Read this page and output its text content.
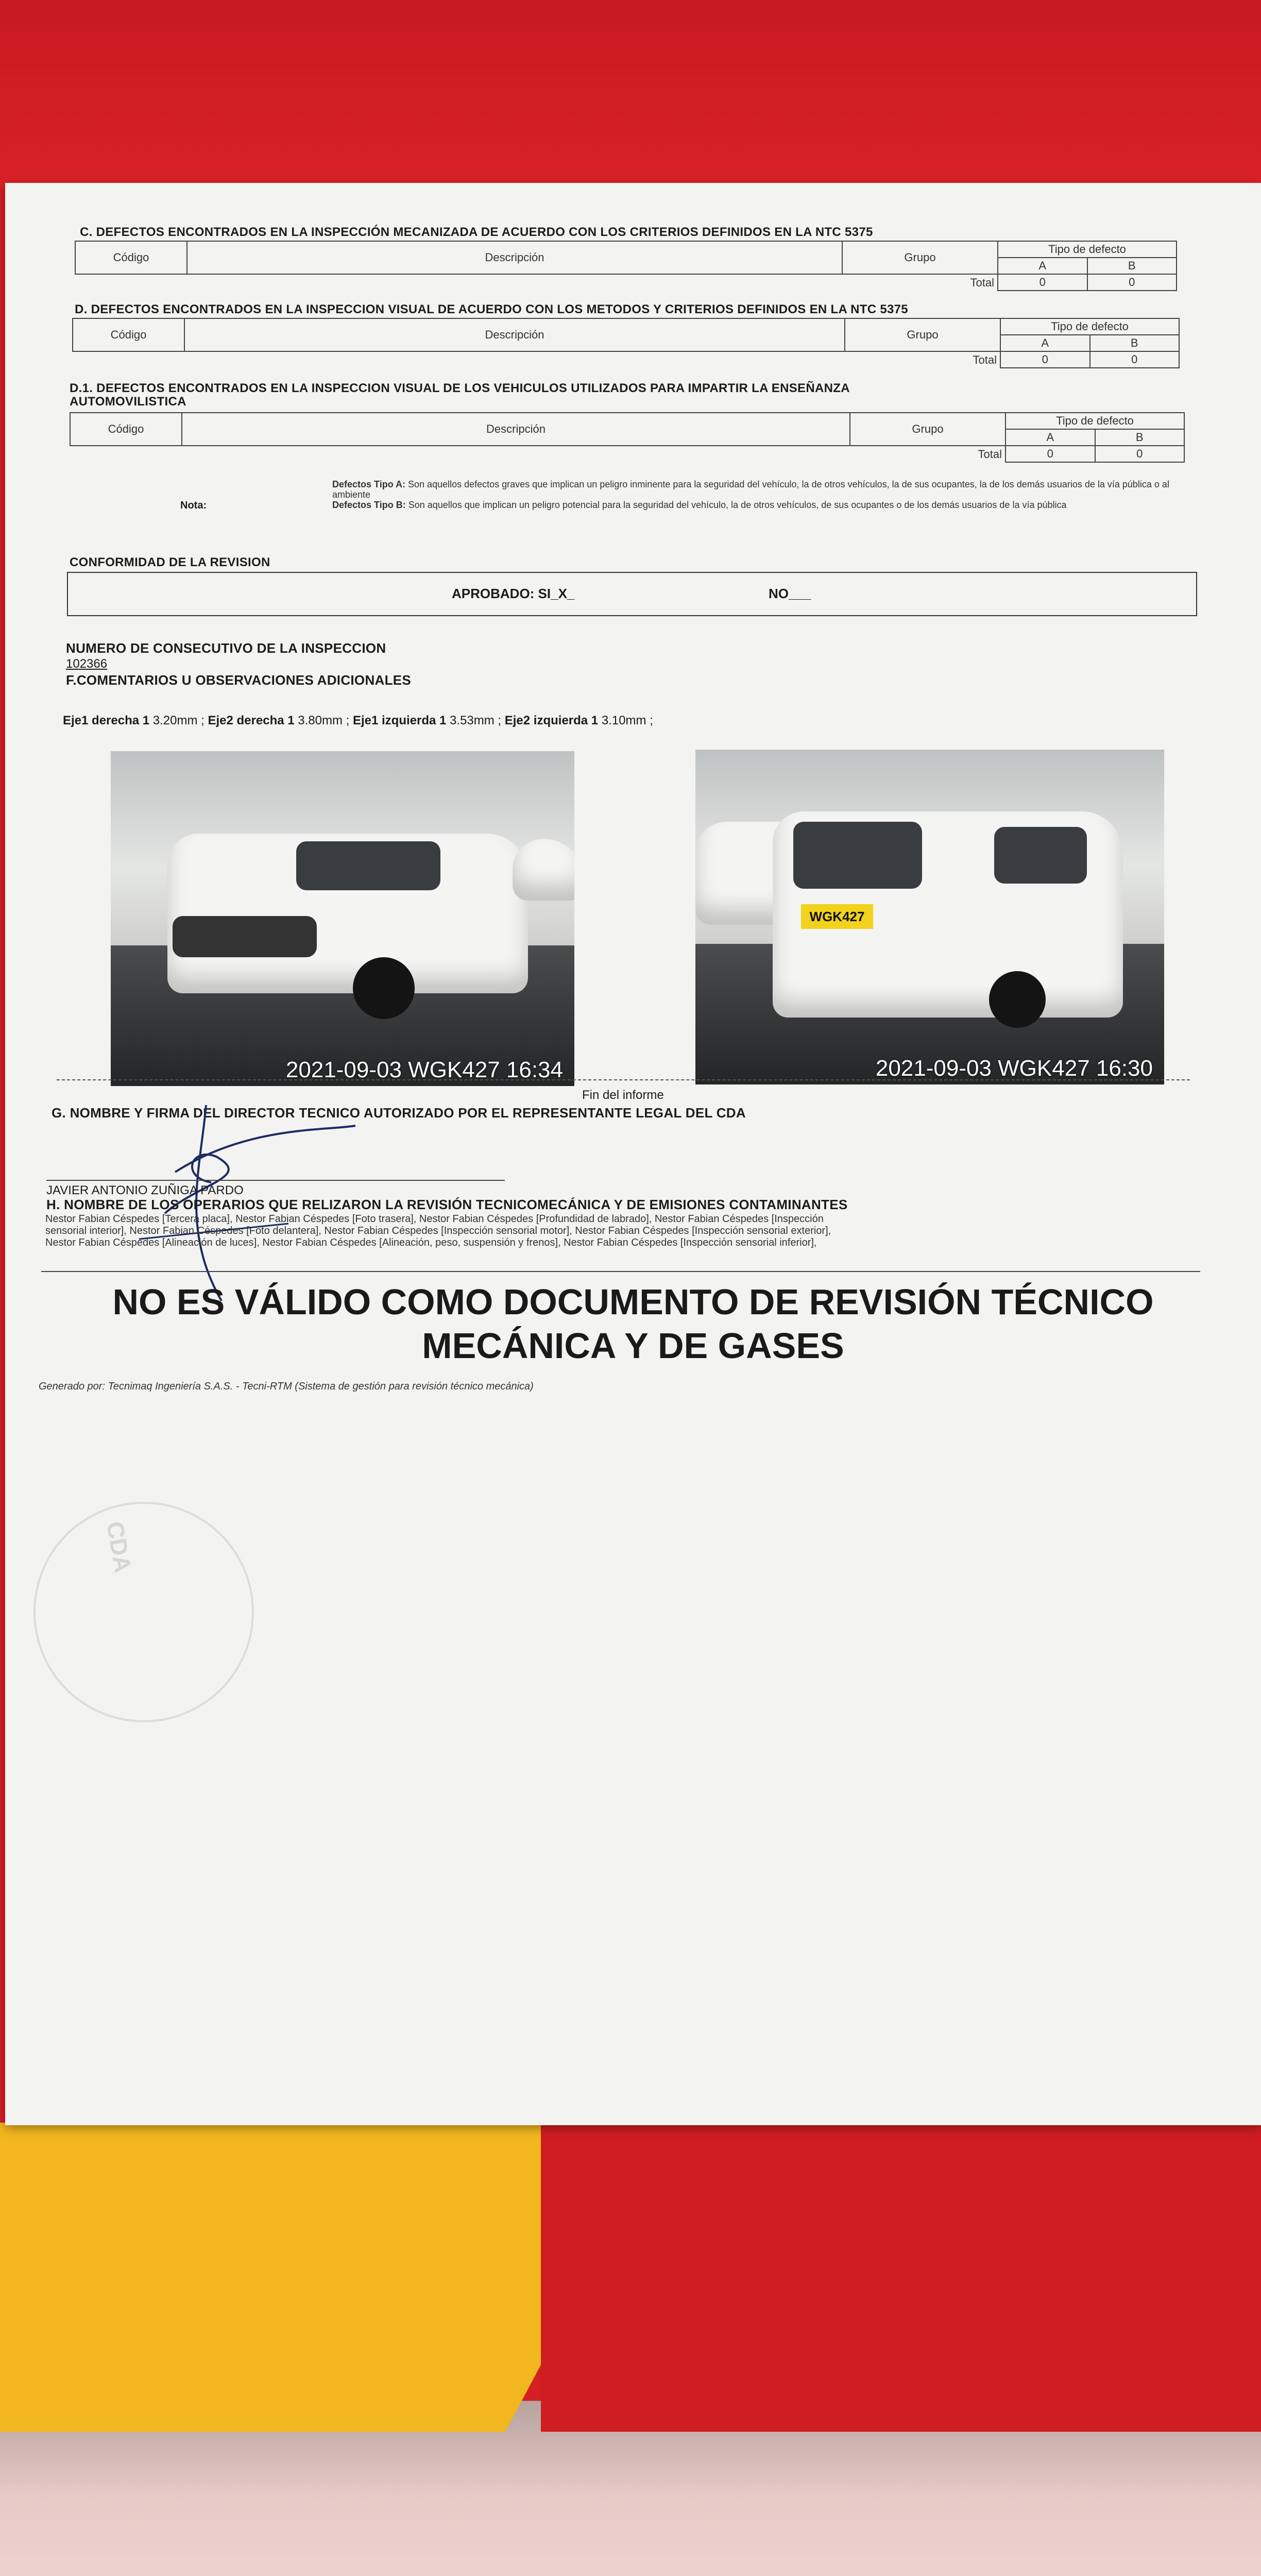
C. DEFECTOS ENCONTRADOS EN LA INSPECCIÓN MECANIZADA DE ACUERDO CON LOS CRITERIOS DEFINIDOS EN LA NTC 5375
Código	Descripción	Grupo	Tipo de defecto	
			A	B
Total			0	0
D. DEFECTOS ENCONTRADOS EN LA INSPECCION VISUAL DE ACUERDO CON LOS METODOS Y CRITERIOS DEFINIDOS EN LA NTC 5375
Código	Descripción	Grupo	Tipo de defecto	
			A	B
Total			0	0
D.1. DEFECTOS ENCONTRADOS EN LA INSPECCION VISUAL DE LOS VEHICULOS UTILIZADOS PARA IMPARTIR LA ENSEÑANZA
AUTOMOVILISTICA
Código	Descripción	Grupo	Tipo de defecto	
			A	B
Total			0	0
Nota:
Defectos Tipo A: Son aquellos defectos graves que implican un peligro inminente para la seguridad del vehículo, la de otros vehículos, la de sus ocupantes, la de los demás usuarios de la vía pública o al ambiente
Defectos Tipo B: Son aquellos que implican un peligro potencial para la seguridad del vehículo, la de otros vehículos, de sus ocupantes o de los demás usuarios de la vía pública
CONFORMIDAD DE LA REVISION
APROBADO: SI_X_	NO___
NUMERO DE CONSECUTIVO DE LA INSPECCION
102366
F.COMENTARIOS U OBSERVACIONES ADICIONALES
Eje1 derecha 1 3.20mm ; Eje2 derecha 1 3.80mm ; Eje1 izquierda 1 3.53mm ; Eje2 izquierda 1 3.10mm ;
2021-09-03 WGK427 16:34
WGK427
2021-09-03 WGK427 16:30
Fin del informe
G. NOMBRE Y FIRMA DEL DIRECTOR TECNICO AUTORIZADO POR EL REPRESENTANTE LEGAL DEL CDA
JAVIER ANTONIO ZUÑIGA PARDO
H. NOMBRE DE LOS OPERARIOS QUE RELIZARON LA REVISIÓN TECNICOMECÁNICA Y DE EMISIONES CONTAMINANTES
Nestor Fabian Céspedes [Tercera placa], Nestor Fabian Céspedes [Foto trasera], Nestor Fabian Céspedes [Profundidad de labrado], Nestor Fabian Céspedes [Inspección
sensorial interior], Nestor Fabian Céspedes [Foto delantera], Nestor Fabian Céspedes [Inspección sensorial motor], Nestor Fabian Céspedes [Inspección sensorial exterior],
Nestor Fabian Céspedes [Alineación de luces], Nestor Fabian Céspedes [Alineación, peso, suspensión y frenos], Nestor Fabian Céspedes [Inspección sensorial inferior],
NO ES VÁLIDO COMO DOCUMENTO DE REVISIÓN TÉCNICO
MECÁNICA Y DE GASES
Generado por: Tecnimaq Ingeniería S.A.S. - Tecni-RTM (Sistema de gestión para revisión técnico mecánica)
CDA
